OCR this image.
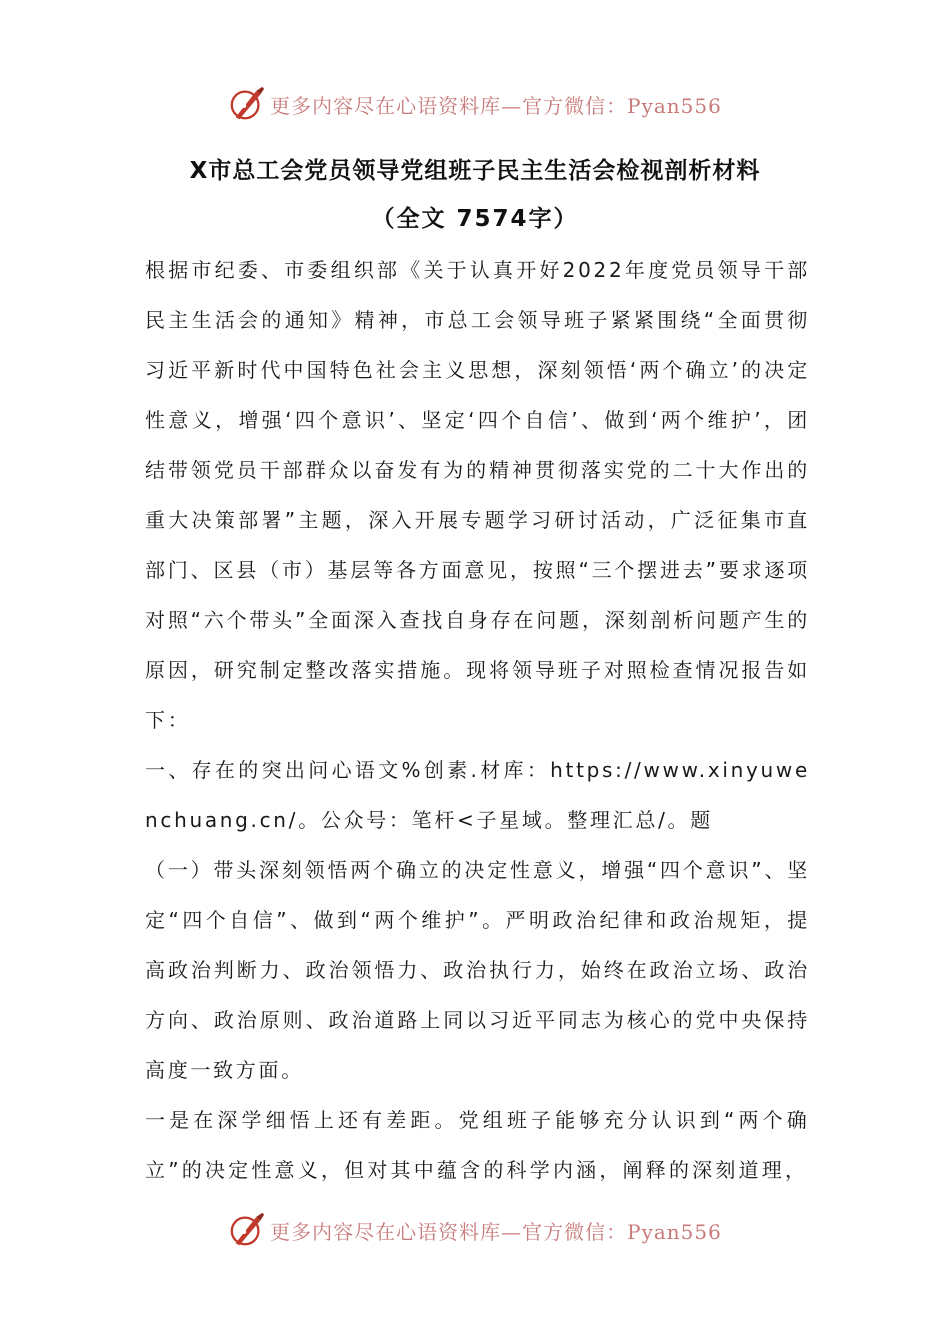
更多内容尽在心语资料库—官方微信：Pyan556
X市总工会党员领导党组班子民主生活会检视剖析材料
（全文 7574字）

根据市纪委、市委组织部《关于认真开好2022年度党员领导干部民主生活会的通知》精神，市总工会领导班子紧紧围绕“全面贯彻习近平新时代中国特色社会主义思想，深刻领悟‘两个确立’的决定性意义，增强‘四个意识’、坚定‘四个自信’、做到‘两个维护’，团结带领党员干部群众以奋发有为的精神贯彻落实党的二十大作出的重大决策部署”主题，深入开展专题学习研讨活动，广泛征集市直部门、区县（市）基层等各方面意见，按照“三个摆进去”要求逐项对照“六个带头”全面深入查找自身存在问题，深刻剖析问题产生的原因，研究制定整改落实措施。现将领导班子对照检查情况报告如下：

一、存在的突出问心语文%创素.材库：https://www.xinyuwenchuang.cn/。公众号：笔杆<子星域。整理汇总/。题

（一）带头深刻领悟两个确立的决定性意义，增强“四个意识”、坚定“四个自信”、做到“两个维护”。严明政治纪律和政治规矩，提高政治判断力、政治领悟力、政治执行力，始终在政治立场、政治方向、政治原则、政治道路上同以习近平同志为核心的党中央保持高度一致方面。

一是在深学细悟上还有差距。党组班子能够充分认识到“两个确立”的决定性意义，但对其中蕴含的科学内涵，阐释的深刻道理，

更多内容尽在心语资料库—官方微信：Pyan556
